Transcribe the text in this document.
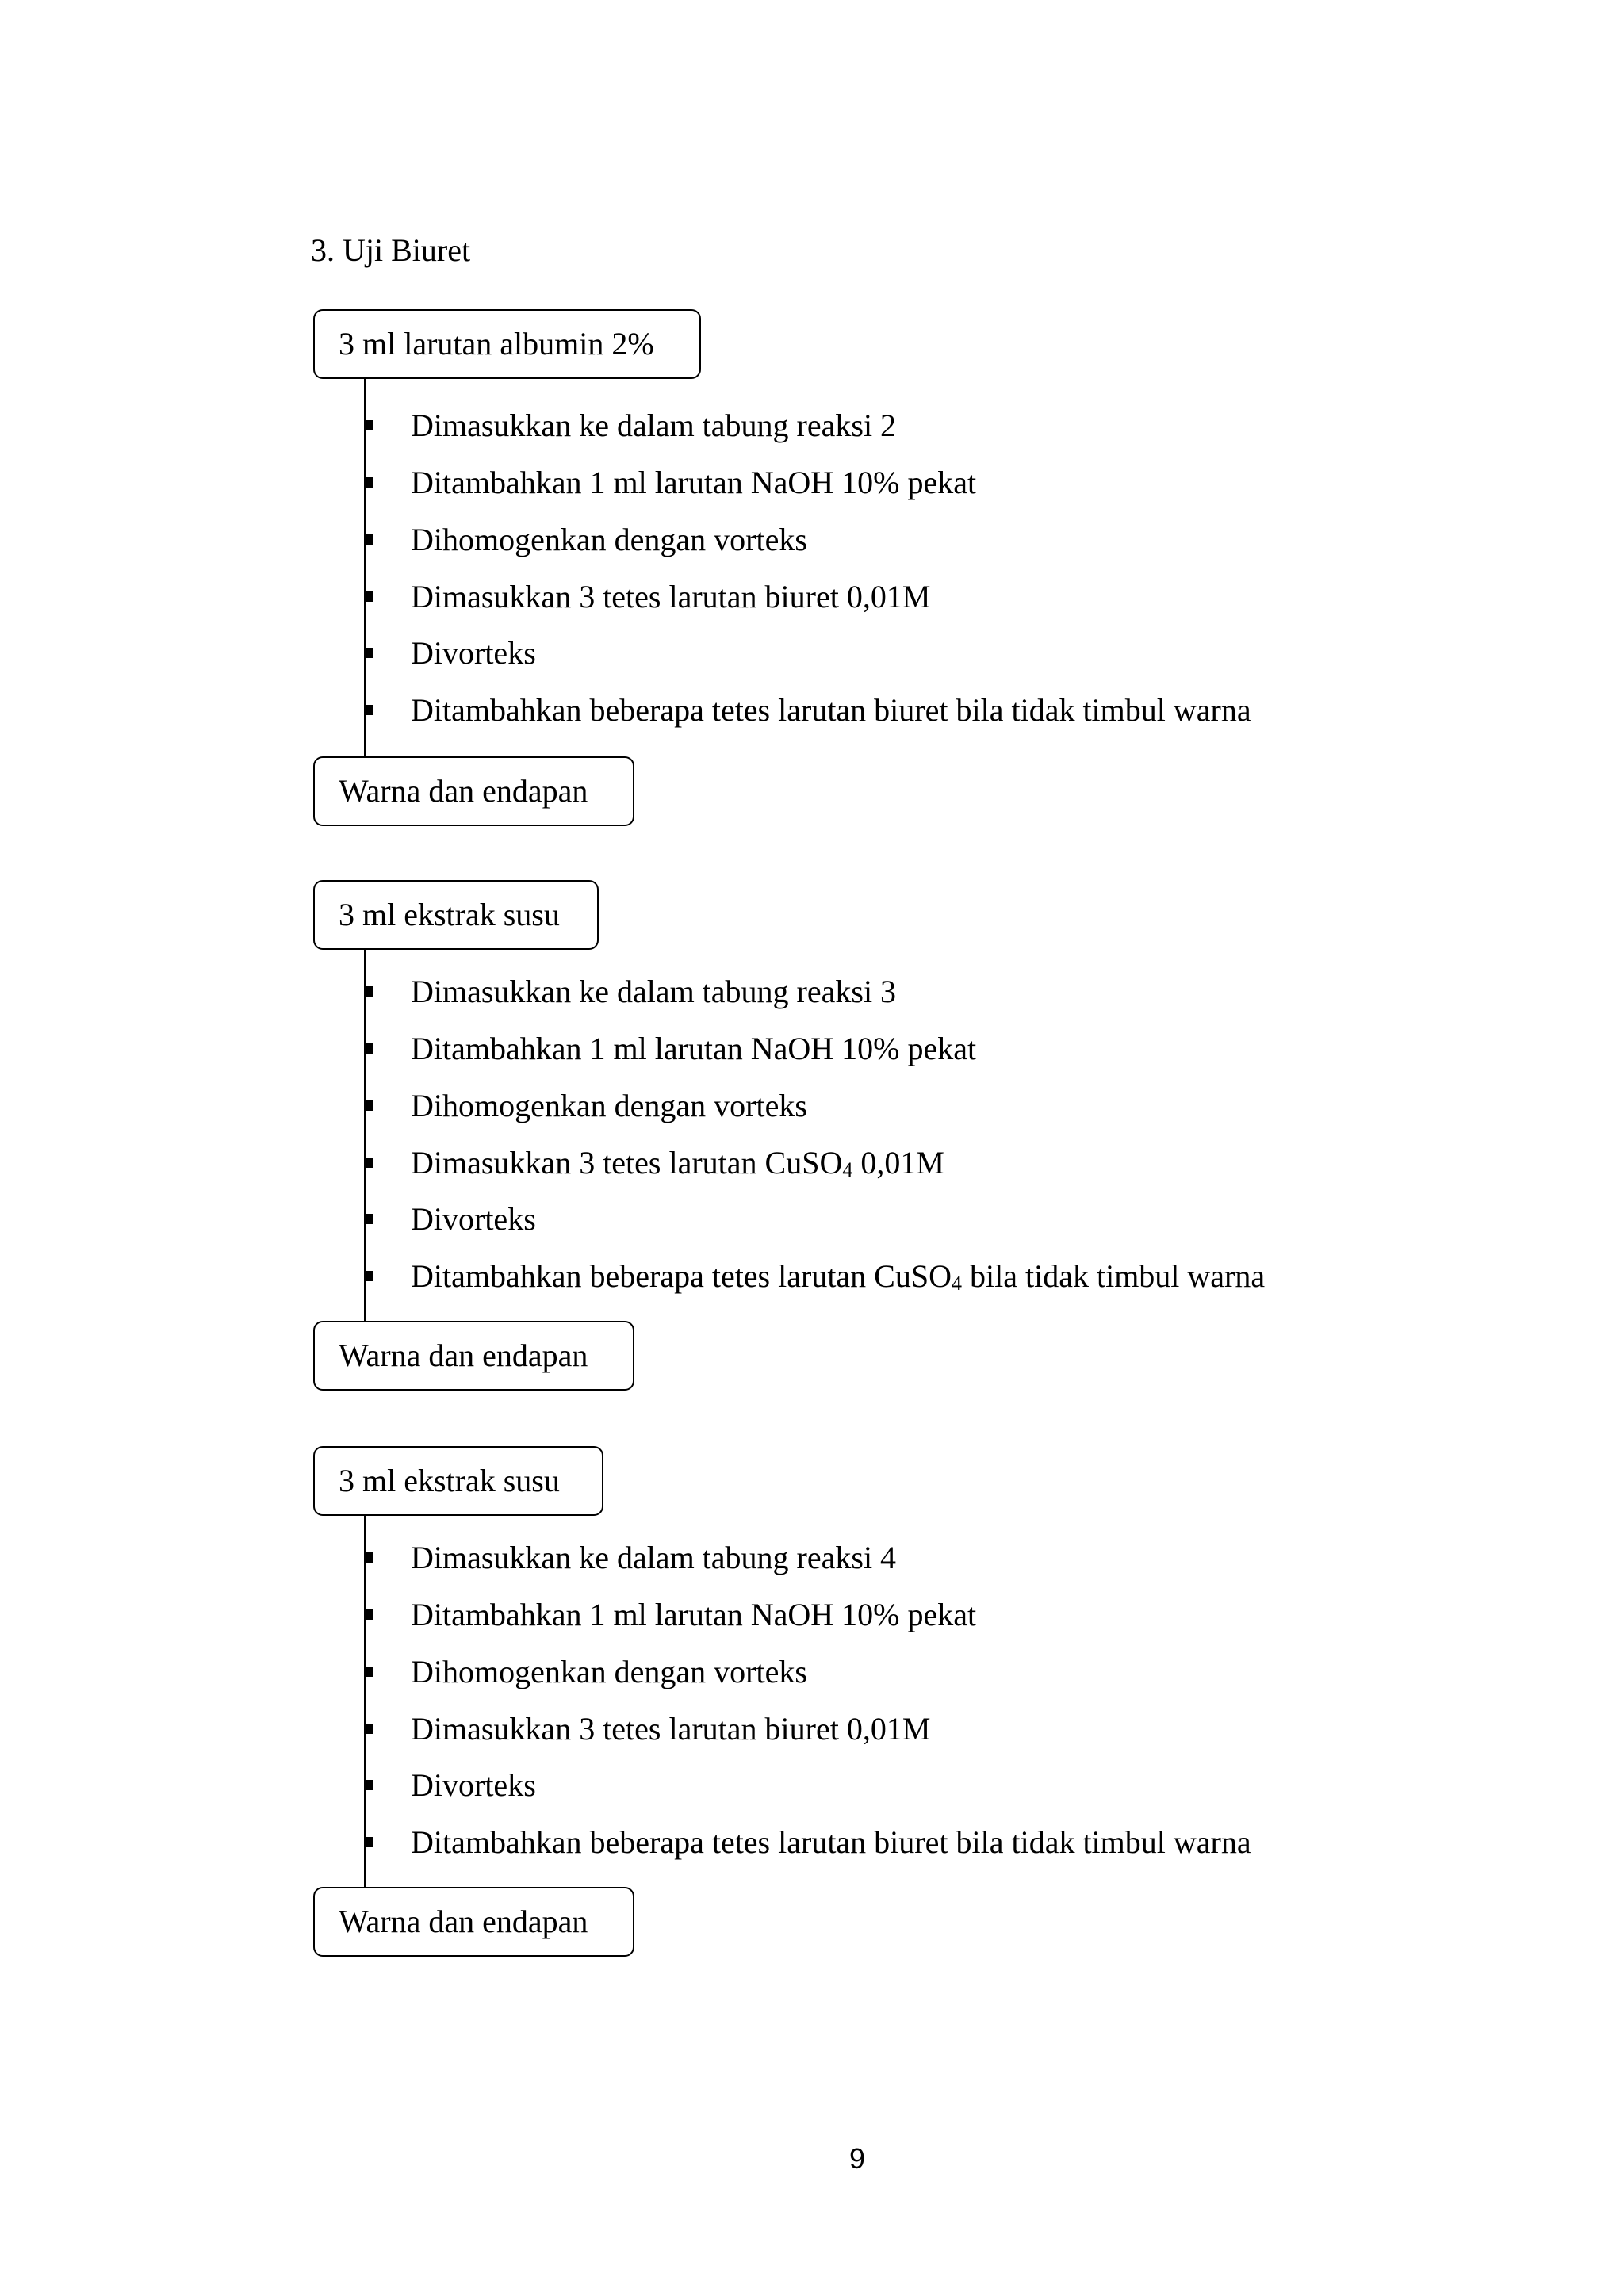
3. Uji Biuret
3 ml larutan albumin 2%
Dimasukkan ke dalam tabung reaksi 2
Ditambahkan 1 ml larutan NaOH 10% pekat
Dihomogenkan dengan vorteks
Dimasukkan 3 tetes larutan biuret 0,01M
Divorteks
Ditambahkan beberapa tetes larutan biuret bila tidak timbul warna
Warna dan endapan
3 ml ekstrak susu
Dimasukkan ke dalam tabung reaksi 3
Ditambahkan 1 ml larutan NaOH 10% pekat
Dihomogenkan dengan vorteks
Dimasukkan 3 tetes larutan CuSO$_4$ 0,01M
Divorteks
Ditambahkan beberapa tetes larutan CuSO$_4$ bila tidak timbul warna
Warna dan endapan
3 ml ekstrak susu
Dimasukkan ke dalam tabung reaksi 4
Ditambahkan 1 ml larutan NaOH 10% pekat
Dihomogenkan dengan vorteks
Dimasukkan 3 tetes larutan biuret 0,01M
Divorteks
Ditambahkan beberapa tetes larutan biuret bila tidak timbul warna
Warna dan endapan
9
